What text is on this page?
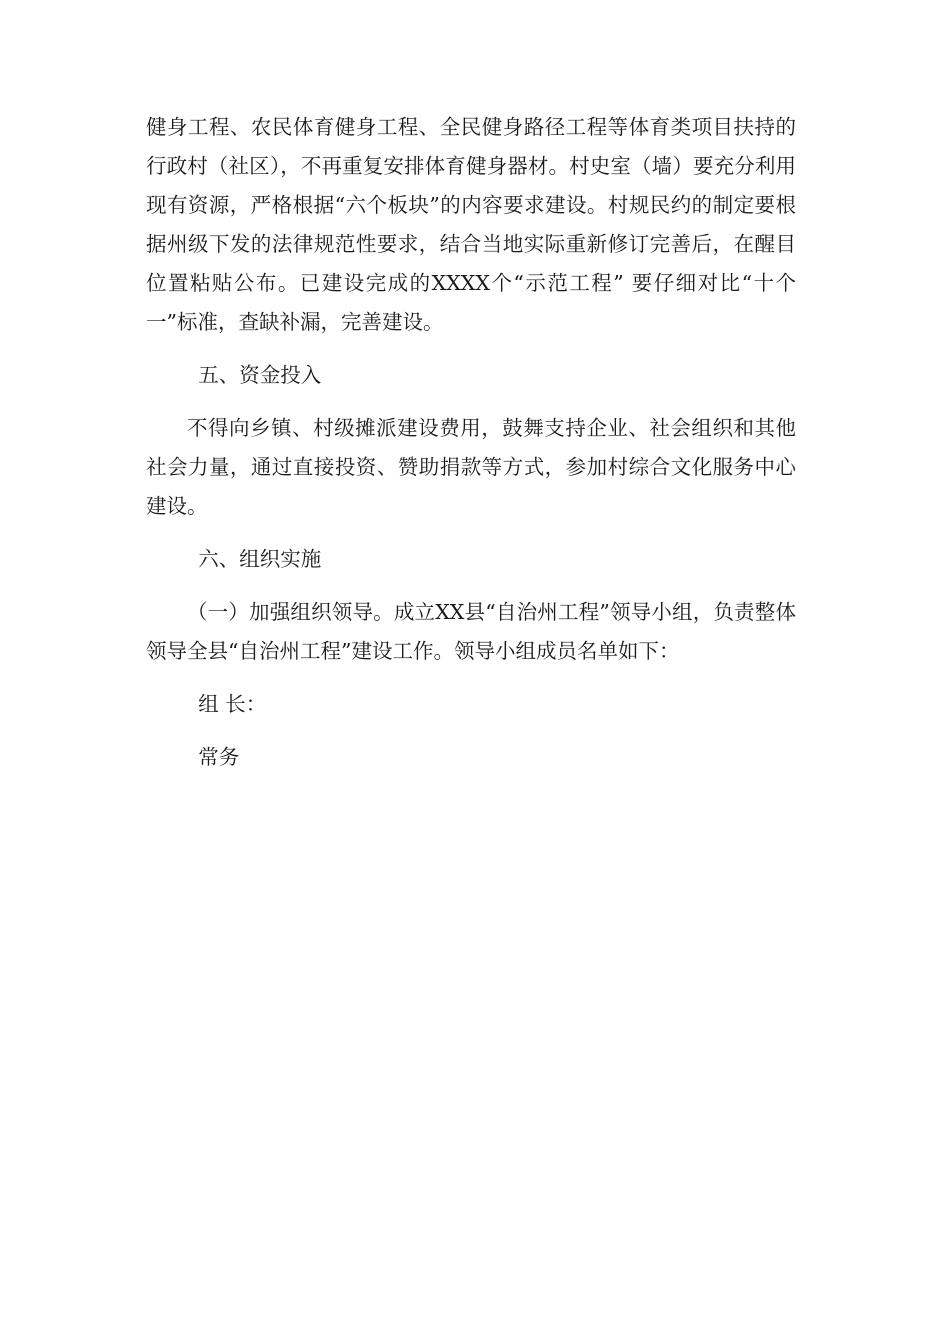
健身工程、农民体育健身工程、全民健身路径工程等体育类项目扶持的行政村（社区），不再重复安排体育健身器材。村史室（墙）要充分利用现有资源，严格根据“六个板块”的内容要求建设。村规民约的制定要根据州级下发的法律规范性要求，结合当地实际重新修订完善后，在醒目位置粘贴公布。已建设完成的XXXX个“示范工程” 要仔细对比“十个一”标准，查缺补漏，完善建设。

五、资金投入

不得向乡镇、村级摊派建设费用，鼓舞支持企业、社会组织和其他社会力量，通过直接投资、赞助捐款等方式，参加村综合文化服务中心建设。

六、组织实施

（一）加强组织领导。成立XX县“自治州工程”领导小组，负责整体领导全县“自治州工程”建设工作。领导小组成员名单如下：

组 长：

常务
